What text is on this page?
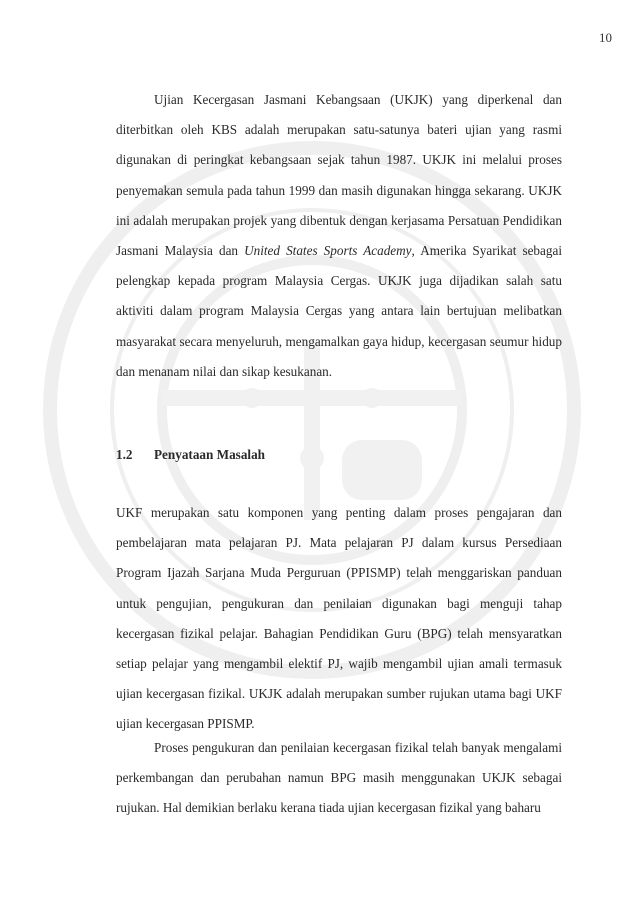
10

Ujian Kecergasan Jasmani Kebangsaan (UKJK) yang diperkenal dan diterbitkan oleh KBS adalah merupakan satu-satunya bateri ujian yang rasmi digunakan di peringkat kebangsaan sejak tahun 1987. UKJK ini melalui proses penyemakan semula pada tahun 1999 dan masih digunakan hingga sekarang. UKJK ini adalah merupakan projek yang dibentuk dengan kerjasama Persatuan Pendidikan Jasmani Malaysia dan United States Sports Academy, Amerika Syarikat sebagai pelengkap kepada program Malaysia Cergas. UKJK juga dijadikan salah satu aktiviti dalam program Malaysia Cergas yang antara lain bertujuan melibatkan masyarakat secara menyeluruh, mengamalkan gaya hidup, kecergasan seumur hidup dan menanam nilai dan sikap kesukanan.

1.2 Penyataan Masalah

UKF merupakan satu komponen yang penting dalam proses pengajaran dan pembelajaran mata pelajaran PJ. Mata pelajaran PJ dalam kursus Persediaan Program Ijazah Sarjana Muda Perguruan (PPISMP) telah menggariskan panduan untuk pengujian, pengukuran dan penilaian digunakan bagi menguji tahap kecergasan fizikal pelajar. Bahagian Pendidikan Guru (BPG) telah mensyaratkan setiap pelajar yang mengambil elektif PJ, wajib mengambil ujian amali termasuk ujian kecergasan fizikal. UKJK adalah merupakan sumber rujukan utama bagi UKF ujian kecergasan PPISMP.

Proses pengukuran dan penilaian kecergasan fizikal telah banyak mengalami perkembangan dan perubahan namun BPG masih menggunakan UKJK sebagai rujukan. Hal demikian berlaku kerana tiada ujian kecergasan fizikal yang baharu
